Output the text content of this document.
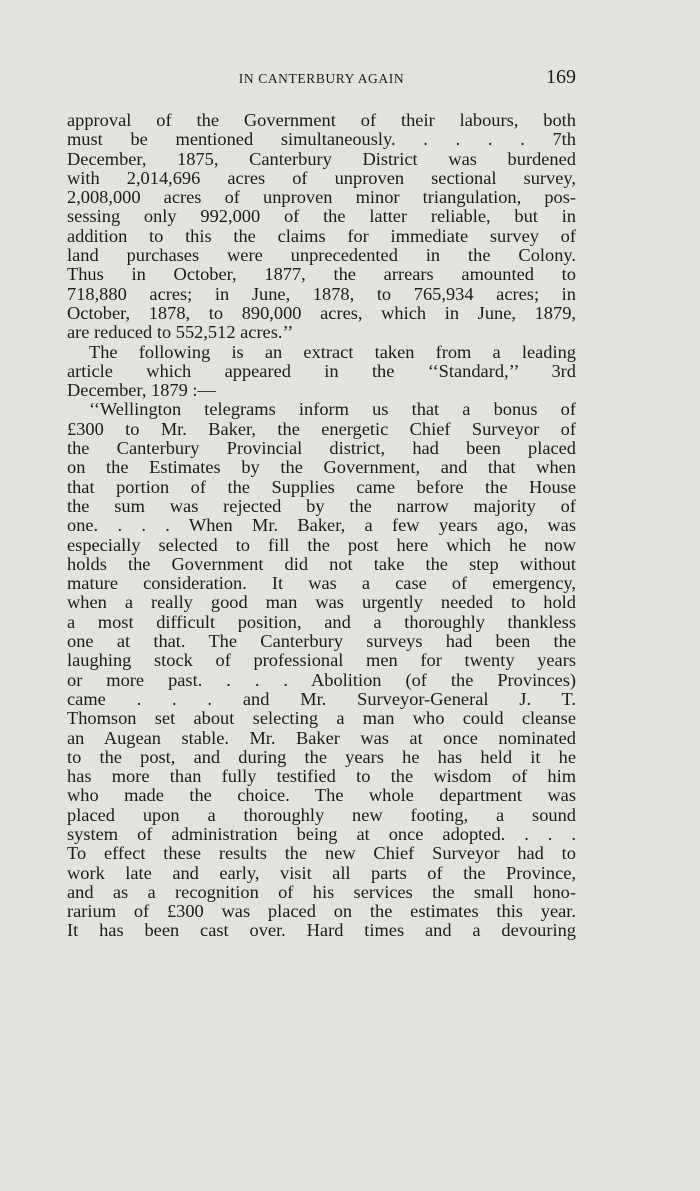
IN CANTERBURY AGAIN	169
approval of the Government of their labours, both
must be mentioned simultaneously. . . . . 7th
December, 1875, Canterbury District was burdened
with 2,014,696 acres of unproven sectional survey,
2,008,000 acres of unproven minor triangulation, pos-
sessing only 992,000 of the latter reliable, but in
addition to this the claims for immediate survey of
land purchases were unprecedented in the Colony.
Thus in October, 1877, the arrears amounted to
718,880 acres; in June, 1878, to 765,934 acres; in
October, 1878, to 890,000 acres, which in June, 1879,
are reduced to 552,512 acres.’’
The following is an extract taken from a leading
article which appeared in the ‘‘Standard,’’ 3rd
December, 1879 :—
‘‘Wellington telegrams inform us that a bonus of
£300 to Mr. Baker, the energetic Chief Surveyor of
the Canterbury Provincial district, had been placed
on the Estimates by the Government, and that when
that portion of the Supplies came before the House
the sum was rejected by the narrow majority of
one. . . . When Mr. Baker, a few years ago, was
especially selected to fill the post here which he now
holds the Government did not take the step without
mature consideration. It was a case of emergency,
when a really good man was urgently needed to hold
a most difficult position, and a thoroughly thankless
one at that. The Canterbury surveys had been the
laughing stock of professional men for twenty years
or more past. . . . Abolition (of the Provinces)
came . . . and Mr. Surveyor-General J. T.
Thomson set about selecting a man who could cleanse
an Augean stable. Mr. Baker was at once nominated
to the post, and during the years he has held it he
has more than fully testified to the wisdom of him
who made the choice. The whole department was
placed upon a thoroughly new footing, a sound
system of administration being at once adopted. . . .
To effect these results the new Chief Surveyor had to
work late and early, visit all parts of the Province,
and as a recognition of his services the small hono-
rarium of £300 was placed on the estimates this year.
It has been cast over. Hard times and a devouring
